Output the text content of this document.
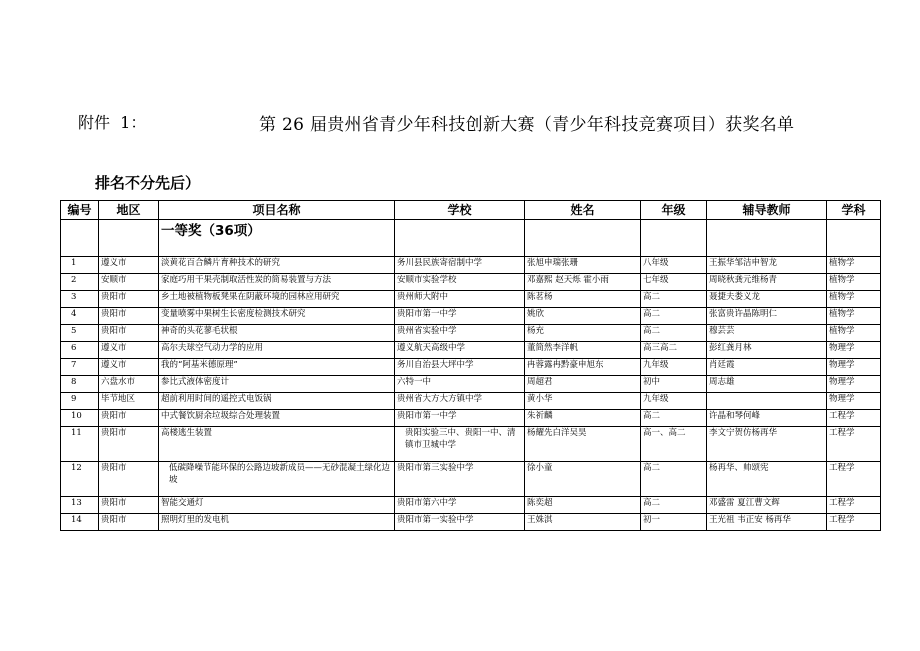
附件  1：	第 26 届贵州省青少年科技创新大赛（青少年科技竞赛项目）获奖名单
排名不分先后）
编号	地区	项目名称	学校	姓名	年级	辅导教师	学科
		一等奖（36项）					
1	遵义市	淡黄花百合鳞片育种技术的研究	务川县民族寄宿制中学	张旭申瑞张珊	八年级	王振华邹洁申智龙	植物学
2	安顺市	家庭巧用干果壳制取活性炭的简易装置与方法	安顺市实验学校	邓嘉熙 赵天烁 霍小雨	七年级	周晓秋龚元维杨青	植物学
3	贵阳市	乡土地被植物板凳果在阴蔽环境的园林应用研究	贵州师大附中	陈茗杨	高二	聂捷夫娄义龙	植物学
4	贵阳市	变量喷雾中果树生长密度检测技术研究	贵阳市第一中学	姚欣	高二	张富贵许晶陈明仁	植物学
5	贵阳市	神奇的头花蓼毛状根	贵州省实验中学	杨充	高二	穆芸芸	植物学
6	遵义市	高尔夫球空气动力学的应用	遵义航天高级中学	董简然李洋帆	高三高二	彭红龚月林	物理学
7	遵义市	我的“阿基米德原理”	务川自治县大坪中学	冉蓉露冉黔豪申旭东	九年级	肖廷霞	物理学
8	六盘水市	参比式液体密度计	六特一中	周超君	初中	周志雄	物理学
9	毕节地区	超前利用时间的遥控式电饭锅	贵州省大方大方镇中学	黄小华	九年级		物理学
10	贵阳市	中式餐饮厨余垃圾综合处理装置	贵阳市第一中学	朱祈麟	高二	许晶和琴何峰	工程学
11	贵阳市	高楼逃生装置	贵阳实验三中、贵阳一中、清镇市卫城中学	杨耀先白洋吴昊	高一、高二	李文宁贺仿杨再华	工程学
12	贵阳市	低碳降噪节能环保的公路边坡新成员——无砂混凝土绿化边坡	贵阳市第三实验中学	徐小童	高二	杨再华、帅颂宪	工程学
13	贵阳市	智能交通灯	贵阳市第六中学	陈奕超	高二	邓盛雷 夏江曹文辉	工程学
14	贵阳市	照明灯里的发电机	贵阳市第一实验中学	王姝淇	初一	王光祖 韦正安 杨再华	工程学
